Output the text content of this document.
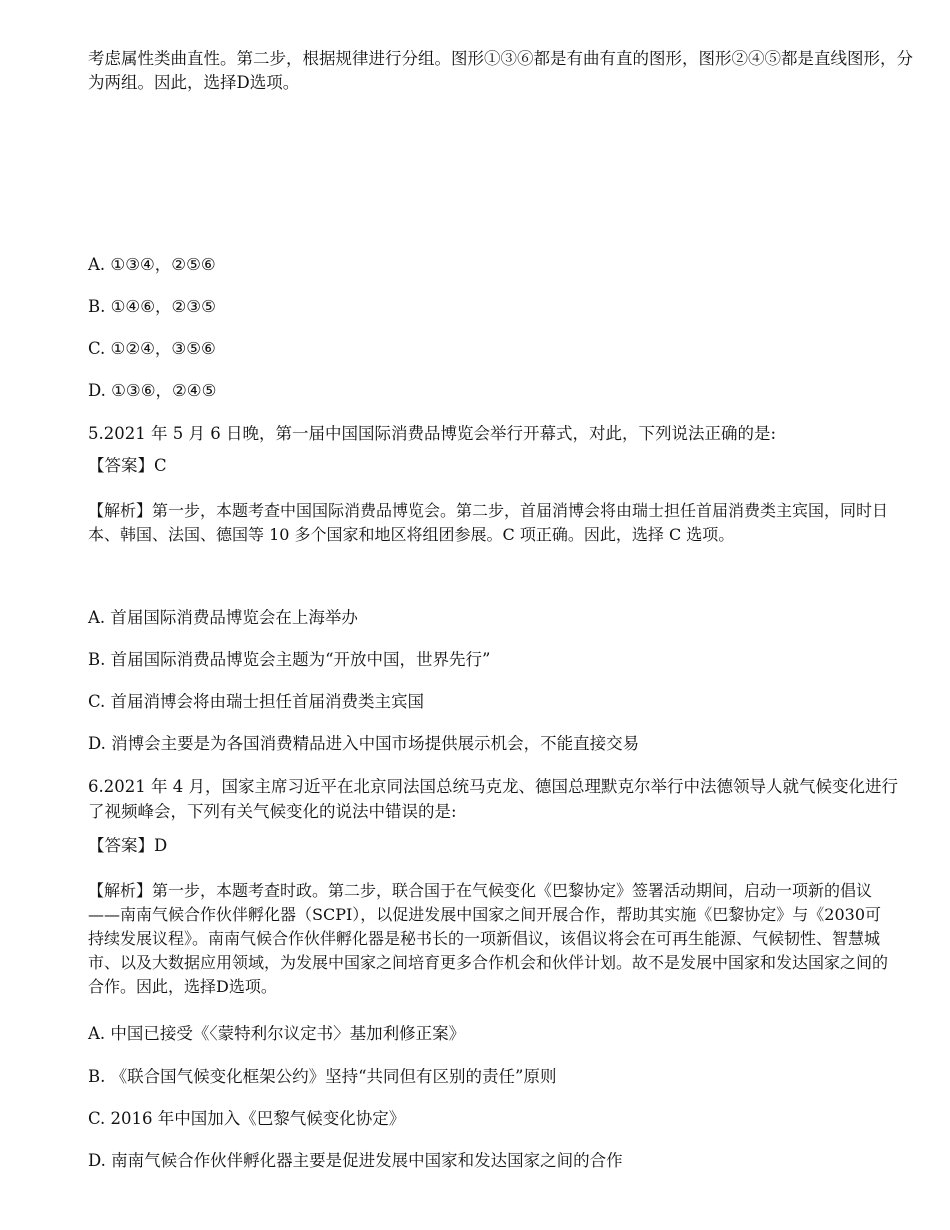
考虑属性类曲直性。第二步，根据规律进行分组。图形①③⑥都是有曲有直的图形，图形②④⑤都是直线图形，分为两组。因此，选择D选项。

A. ①③④，②⑤⑥

B. ①④⑥，②③⑤

C. ①②④，③⑤⑥

D. ①③⑥，②④⑤

5.2021 年 5 月 6 日晚，第一届中国国际消费品博览会举行开幕式，对此，下列说法正确的是:

【答案】C

【解析】第一步，本题考查中国国际消费品博览会。第二步，首届消博会将由瑞士担任首届消费类主宾国，同时日本、韩国、法国、德国等 10 多个国家和地区将组团参展。C 项正确。因此，选择 C 选项。

A. 首届国际消费品博览会在上海举办

B. 首届国际消费品博览会主题为“开放中国，世界先行”

C. 首届消博会将由瑞士担任首届消费类主宾国

D. 消博会主要是为各国消费精品进入中国市场提供展示机会，不能直接交易

6.2021 年 4 月，国家主席习近平在北京同法国总统马克龙、德国总理默克尔举行中法德领导人就气候变化进行了视频峰会，下列有关气候变化的说法中错误的是:

【答案】D

【解析】第一步，本题考查时政。第二步，联合国于在气候变化《巴黎协定》签署活动期间，启动一项新的倡议——南南气候合作伙伴孵化器（SCPI），以促进发展中国家之间开展合作，帮助其实施《巴黎协定》与《2030可持续发展议程》。南南气候合作伙伴孵化器是秘书长的一项新倡议，该倡议将会在可再生能源、气候韧性、智慧城市、以及大数据应用领域，为发展中国家之间培育更多合作机会和伙伴计划。故不是发展中国家和发达国家之间的合作。因此，选择D选项。

A. 中国已接受《〈蒙特利尔议定书〉基加利修正案》

B. 《联合国气候变化框架公约》坚持“共同但有区别的责任”原则

C. 2016 年中国加入《巴黎气候变化协定》

D. 南南气候合作伙伴孵化器主要是促进发展中国家和发达国家之间的合作
